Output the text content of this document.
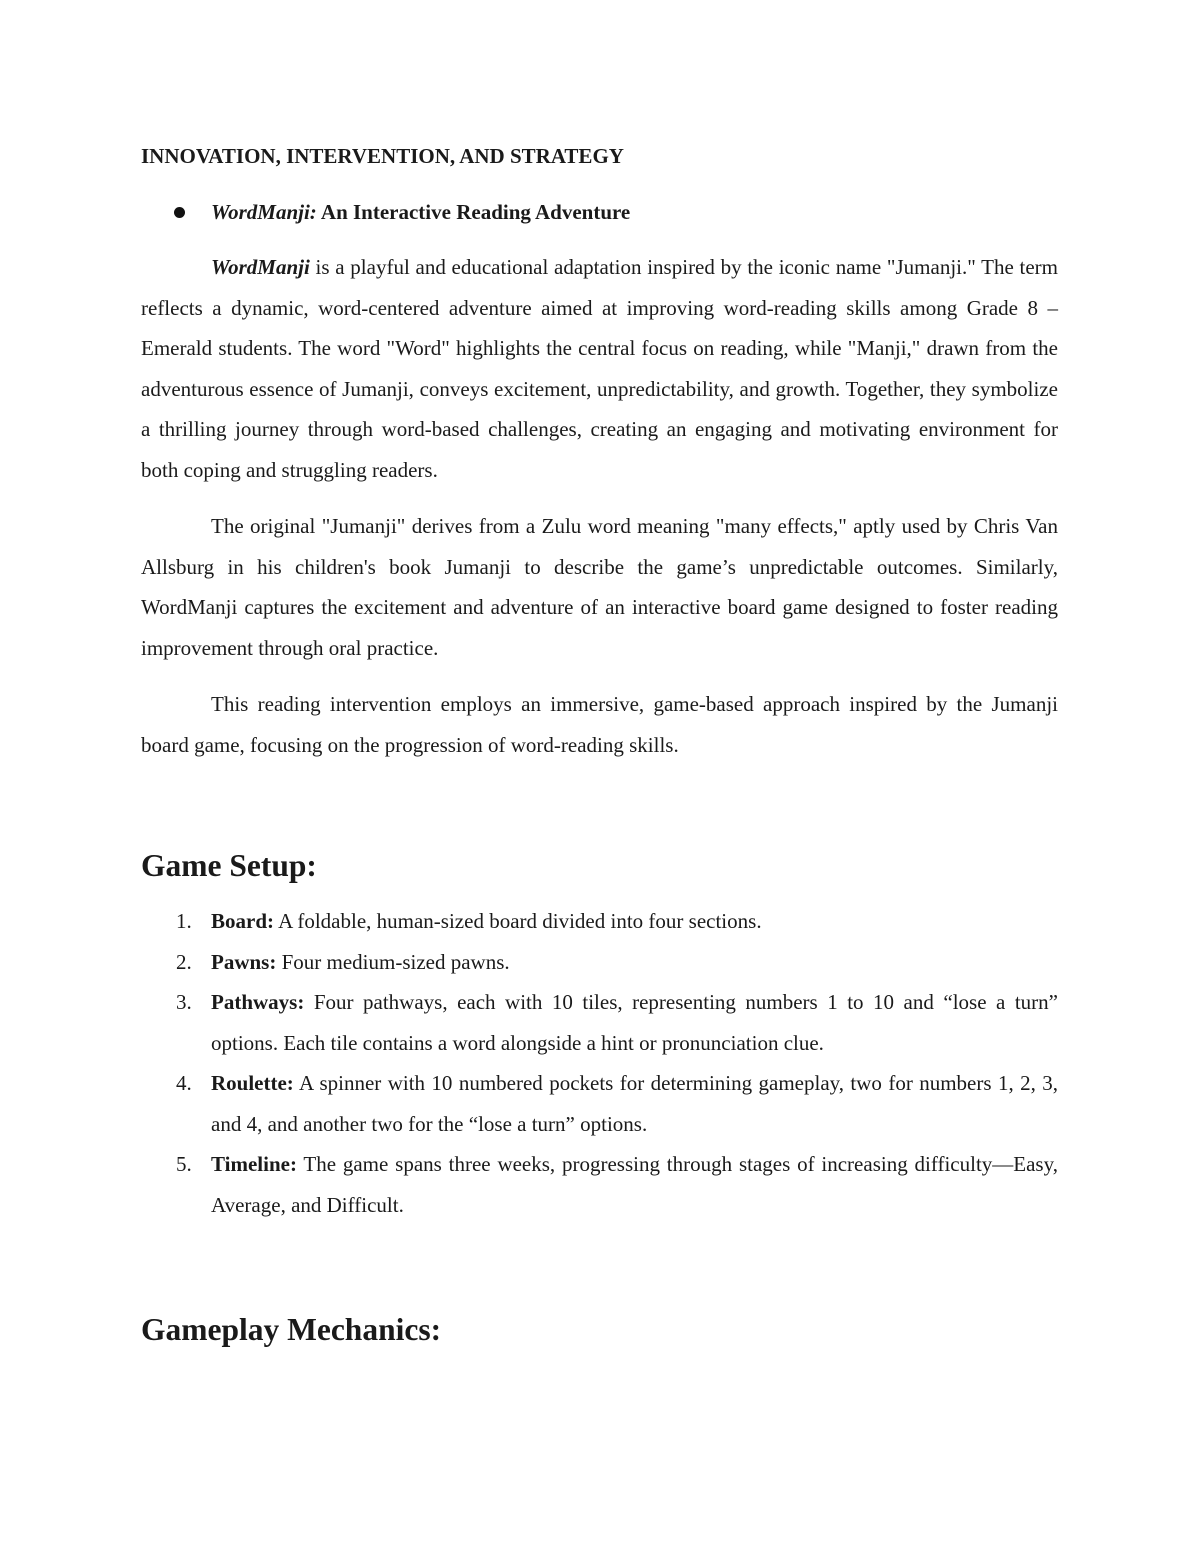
INNOVATION, INTERVENTION, AND STRATEGY
WordManji: An Interactive Reading Adventure

WordManji is a playful and educational adaptation inspired by the iconic name "Jumanji." The term reflects a dynamic, word-centered adventure aimed at improving word-reading skills among Grade 8 – Emerald students. The word "Word" highlights the central focus on reading, while "Manji," drawn from the adventurous essence of Jumanji, conveys excitement, unpredictability, and growth. Together, they symbolize a thrilling journey through word-based challenges, creating an engaging and motivating environment for both coping and struggling readers.

The original "Jumanji" derives from a Zulu word meaning "many effects," aptly used by Chris Van Allsburg in his children's book Jumanji to describe the game’s unpredictable outcomes. Similarly, WordManji captures the excitement and adventure of an interactive board game designed to foster reading improvement through oral practice.

This reading intervention employs an immersive, game-based approach inspired by the Jumanji board game, focusing on the progression of word-reading skills.

Game Setup:
1. Board: A foldable, human-sized board divided into four sections.
2. Pawns: Four medium-sized pawns.
3. Pathways: Four pathways, each with 10 tiles, representing numbers 1 to 10 and “lose a turn” options. Each tile contains a word alongside a hint or pronunciation clue.
4. Roulette: A spinner with 10 numbered pockets for determining gameplay, two for numbers 1, 2, 3, and 4, and another two for the “lose a turn” options.
5. Timeline: The game spans three weeks, progressing through stages of increasing difficulty—Easy, Average, and Difficult.
Gameplay Mechanics:
